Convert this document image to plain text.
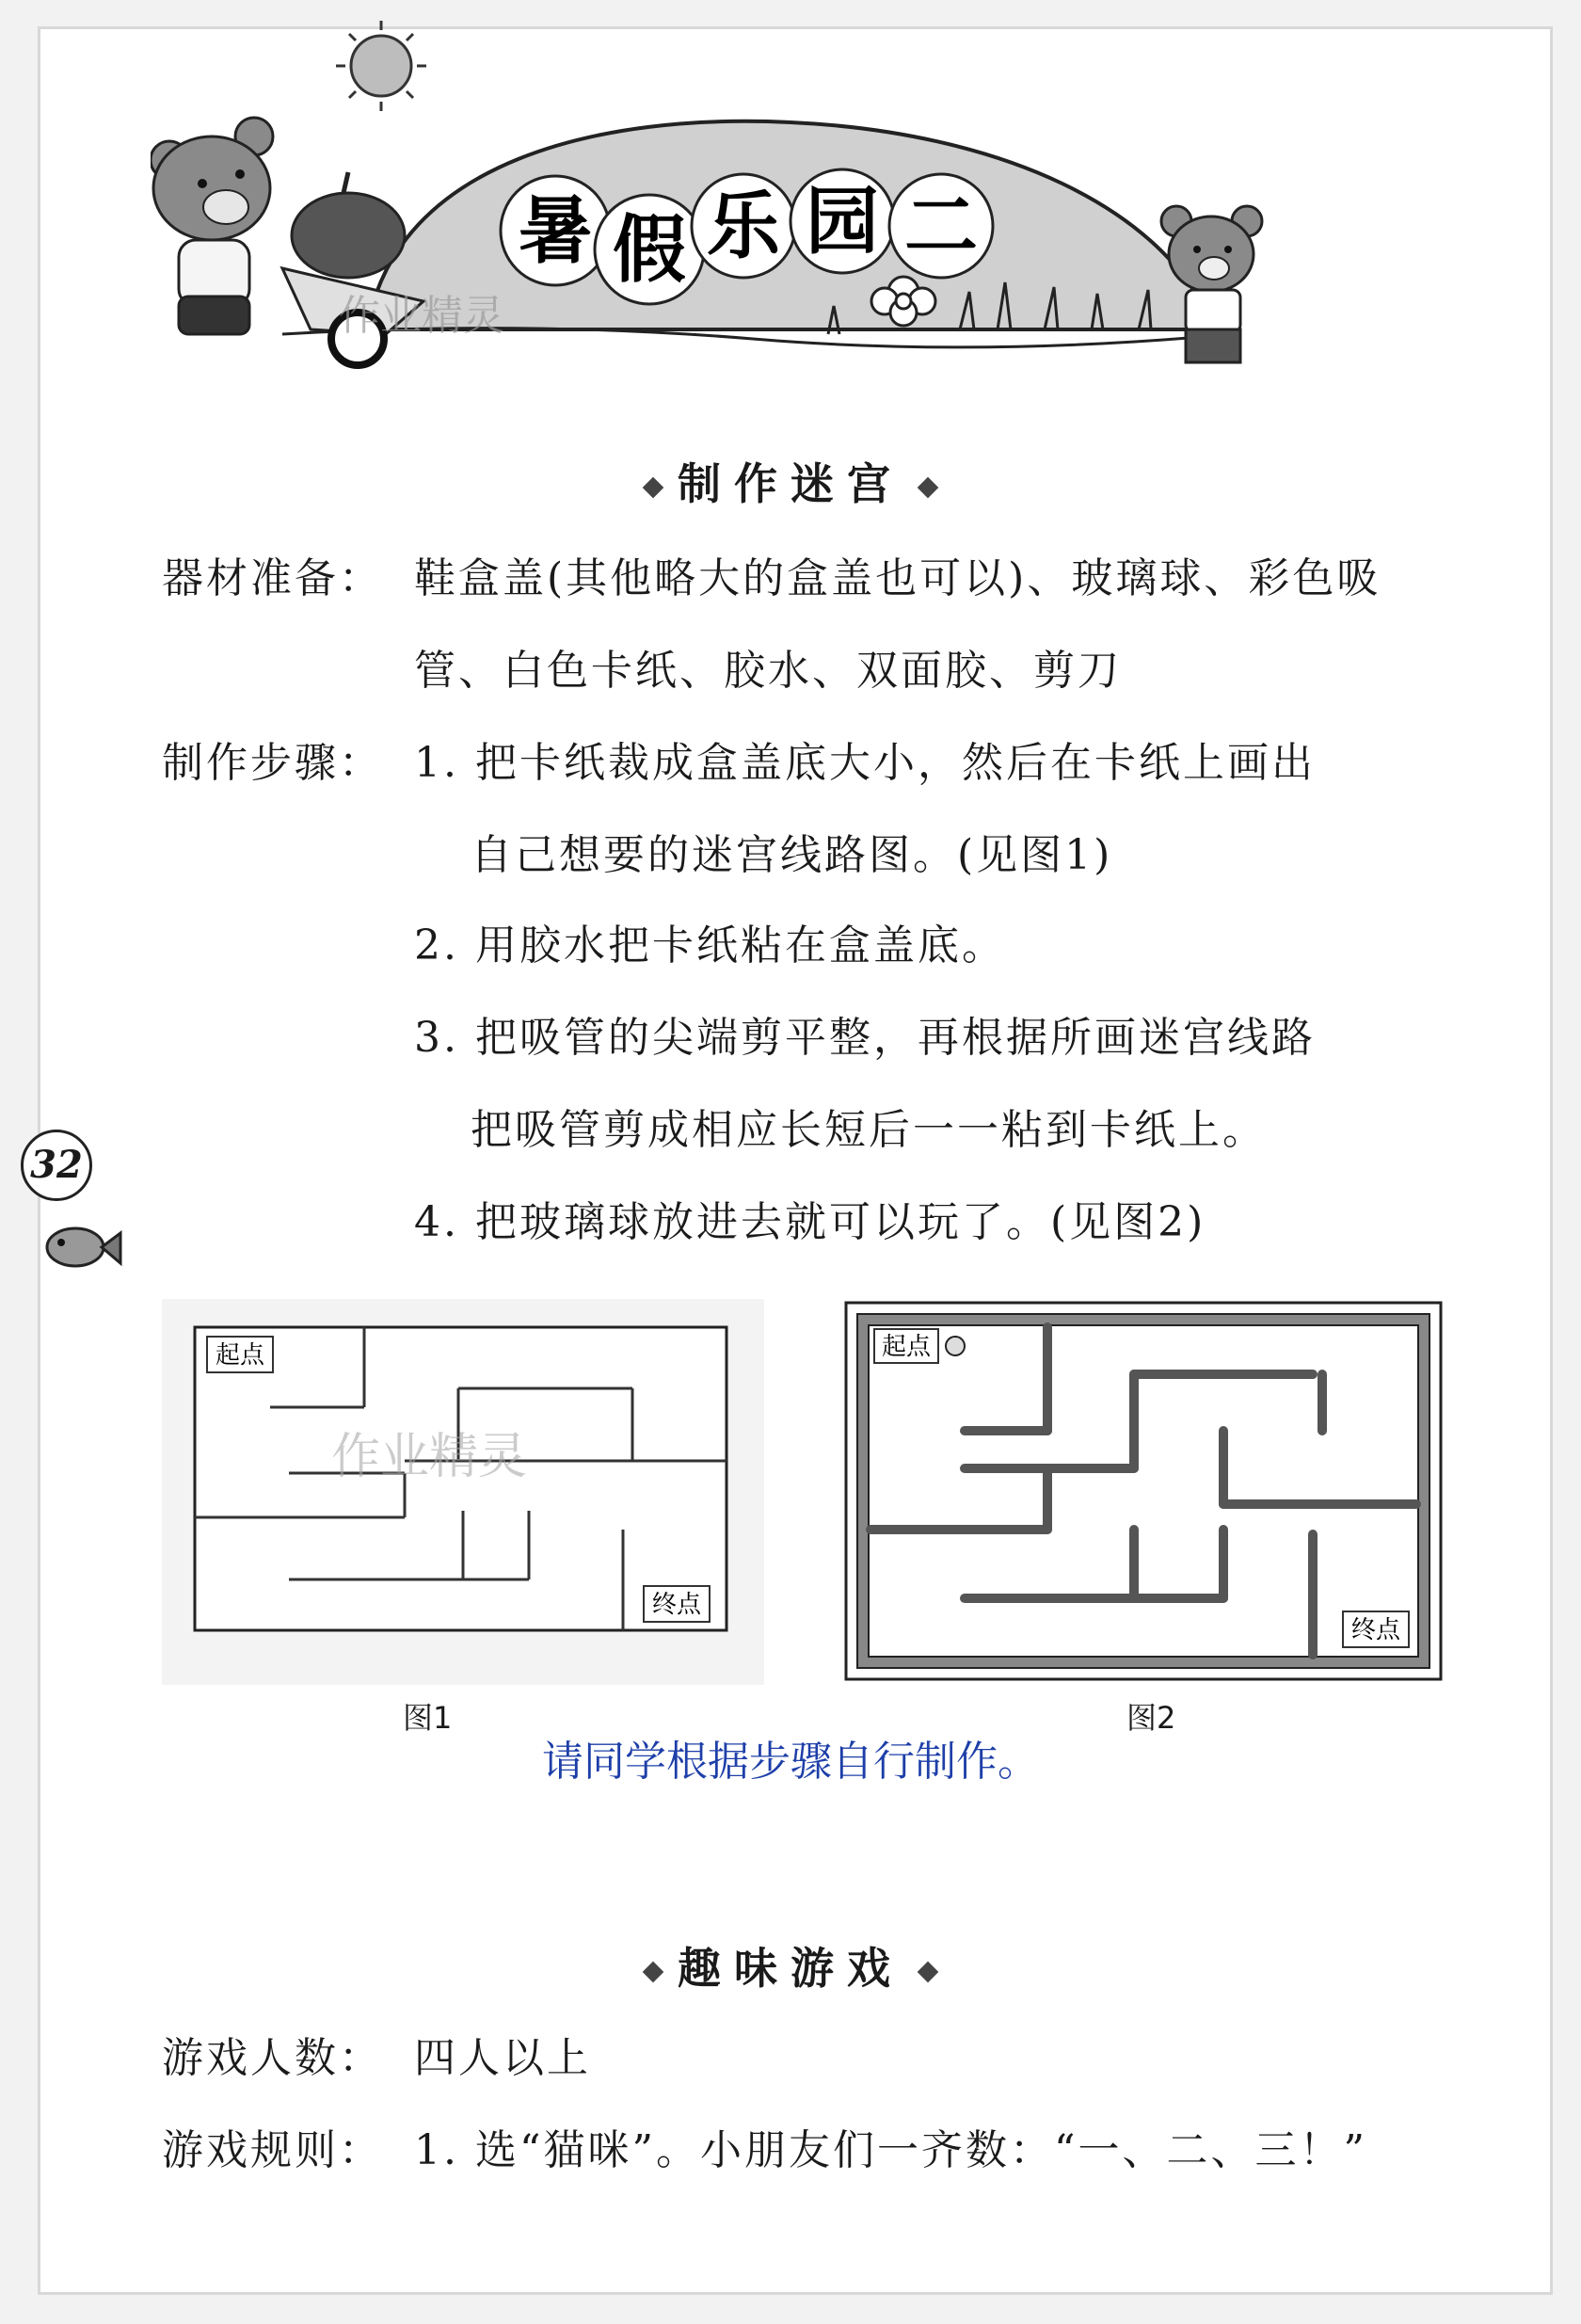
暑 假 乐 园 二
作业精灵
制作迷宫
器材准备： 鞋盒盖(其他略大的盒盖也可以)、玻璃球、彩色吸
管、白色卡纸、胶水、双面胶、剪刀
制作步骤： 1. 把卡纸裁成盒盖底大小，然后在卡纸上画出
自己想要的迷宫线路图。(见图1)
2. 用胶水把卡纸粘在盒盖底。
3. 把吸管的尖端剪平整，再根据所画迷宫线路
把吸管剪成相应长短后一一粘到卡纸上。
4. 把玻璃球放进去就可以玩了。(见图2)
32
起点
终点
作业精灵
图1
起点
终点
图2
请同学根据步骤自行制作。
趣味游戏
游戏人数： 四人以上
游戏规则： 1. 选“猫咪”。小朋友们一齐数：“一、二、三！”
